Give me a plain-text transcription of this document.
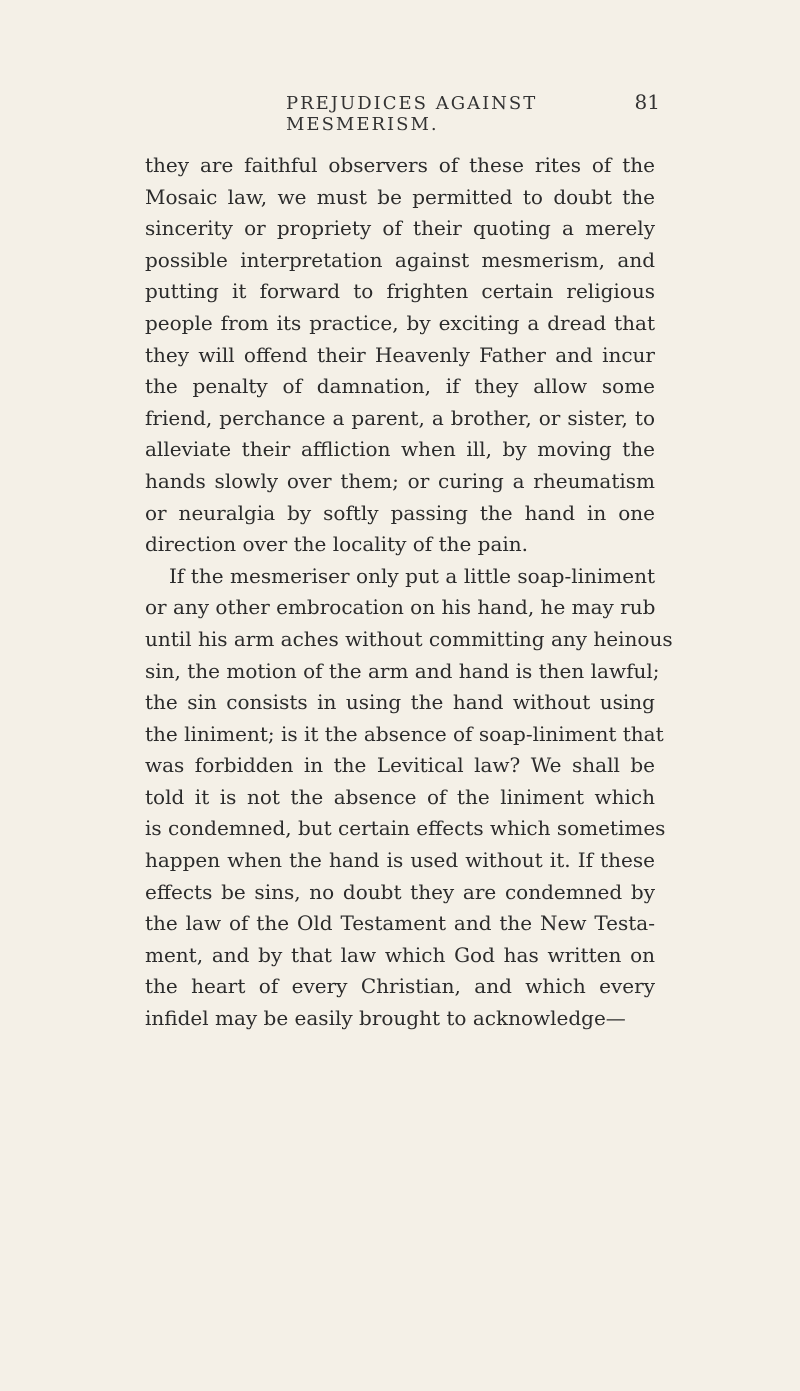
PREJUDICES AGAINST MESMERISM.
81
they are faithful observers of these rites of the
Mosaic law, we must be permitted to doubt the
sincerity or propriety of their quoting a merely
possible interpretation against mesmerism, and
putting it forward to frighten certain religious
people from its practice, by exciting a dread that
they will offend their Heavenly Father and incur
the penalty of damnation, if they allow some
friend, perchance a parent, a brother, or sister, to
alleviate their affliction when ill, by moving the
hands slowly over them; or curing a rheumatism
or neuralgia by softly passing the hand in one
direction over the locality of the pain.
If the mesmeriser only put a little soap-liniment
or any other embrocation on his hand, he may rub
until his arm aches without committing any heinous
sin, the motion of the arm and hand is then lawful;
the sin consists in using the hand without using
the liniment; is it the absence of soap-liniment that
was forbidden in the Levitical law? We shall be
told it is not the absence of the liniment which
is condemned, but certain effects which sometimes
happen when the hand is used without it. If these
effects be sins, no doubt they are condemned by
the law of the Old Testament and the New Testa-
ment, and by that law which God has written on
the heart of every Christian, and which every
infidel may be easily brought to acknowledge—
